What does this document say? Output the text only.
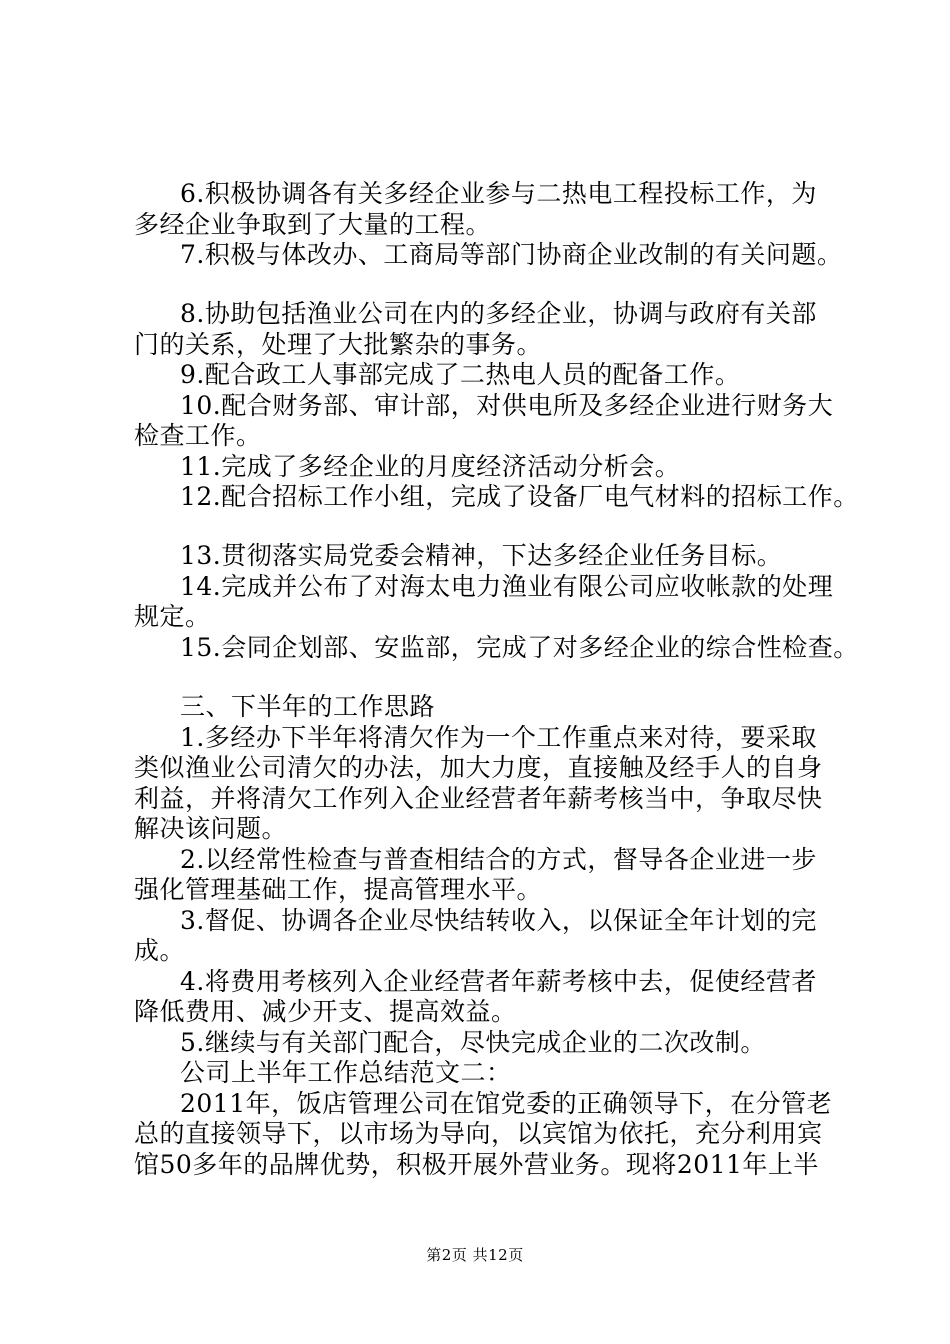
6.积极协调各有关多经企业参与二热电工程投标工作，为
多经企业争取到了大量的工程。
7.积极与体改办、工商局等部门协商企业改制的有关问题。
8.协助包括渔业公司在内的多经企业，协调与政府有关部
门的关系，处理了大批繁杂的事务。
9.配合政工人事部完成了二热电人员的配备工作。
10.配合财务部、审计部，对供电所及多经企业进行财务大
检查工作。
11.完成了多经企业的月度经济活动分析会。
12.配合招标工作小组，完成了设备厂电气材料的招标工作。
13.贯彻落实局党委会精神，下达多经企业任务目标。
14.完成并公布了对海太电力渔业有限公司应收帐款的处理
规定。
15.会同企划部、安监部，完成了对多经企业的综合性检查。
三、下半年的工作思路
1.多经办下半年将清欠作为一个工作重点来对待，要采取
类似渔业公司清欠的办法，加大力度，直接触及经手人的自身
利益，并将清欠工作列入企业经营者年薪考核当中，争取尽快
解决该问题。
2.以经常性检查与普查相结合的方式，督导各企业进一步
强化管理基础工作，提高管理水平。
3.督促、协调各企业尽快结转收入，以保证全年计划的完
成。
4.将费用考核列入企业经营者年薪考核中去，促使经营者
降低费用、减少开支、提高效益。
5.继续与有关部门配合，尽快完成企业的二次改制。
公司上半年工作总结范文二：
2011年，饭店管理公司在馆党委的正确领导下，在分管老
总的直接领导下，以市场为导向，以宾馆为依托，充分利用宾
馆50多年的品牌优势，积极开展外营业务。现将2011年上半
第2页 共12页
